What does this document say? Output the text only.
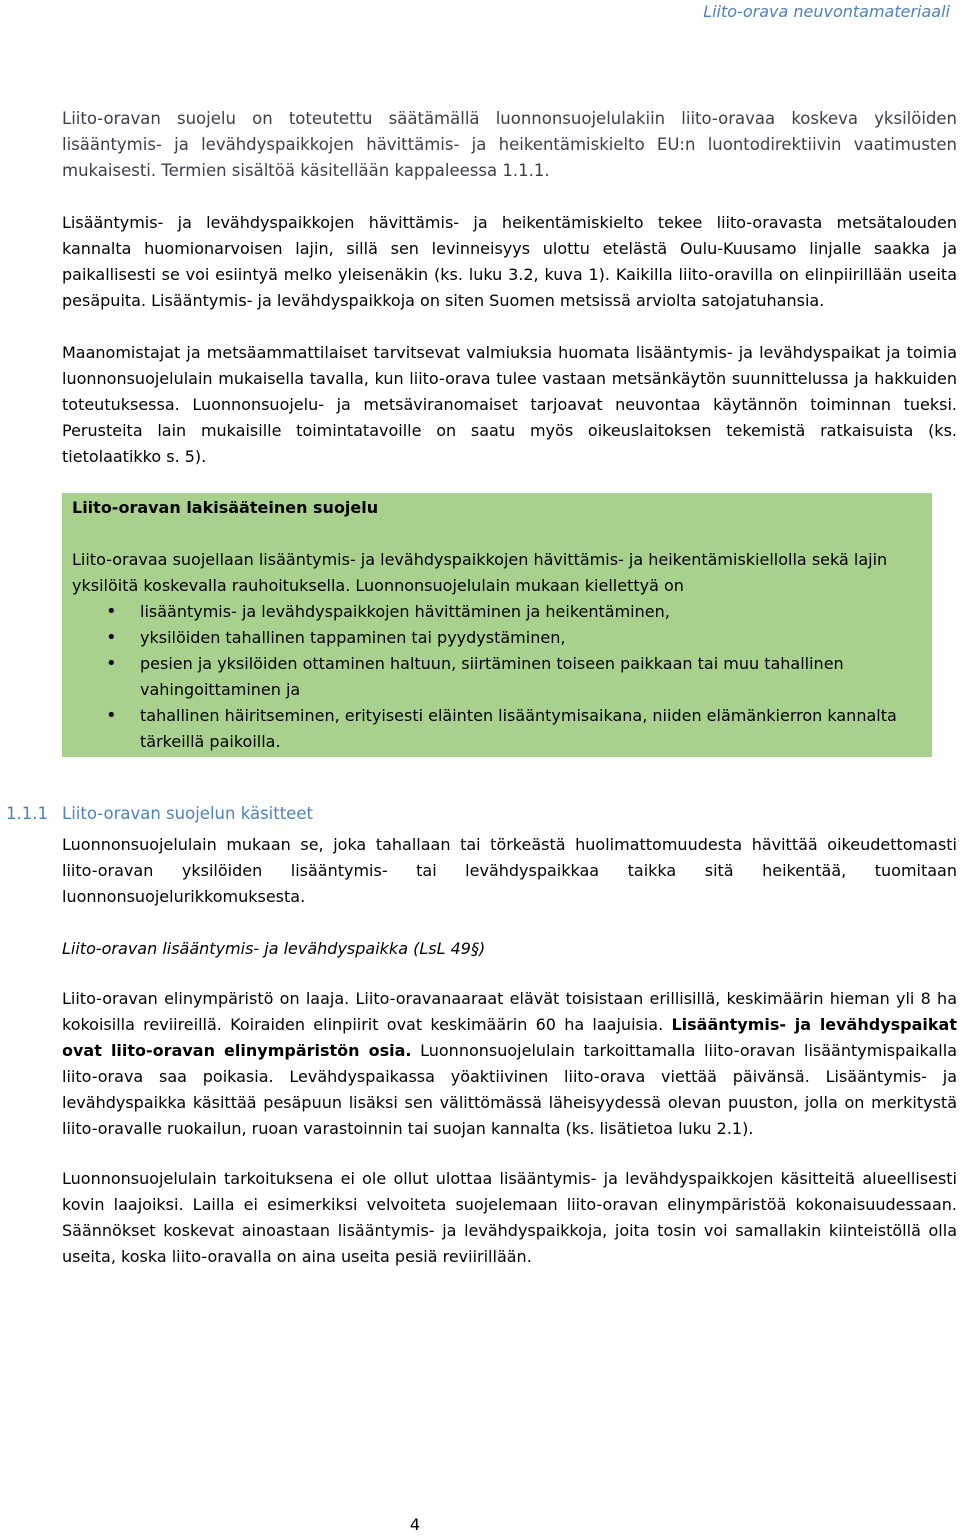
Liito-orava neuvontamateriaali

Liito-oravan suojelu on toteutettu säätämällä luonnonsuojelulakiin liito-oravaa koskeva yksilöiden lisääntymis- ja levähdyspaikkojen hävittämis- ja heikentämiskielto EU:n luontodirektiivin vaatimusten mukaisesti. Termien sisältöä käsitellään kappaleessa 1.1.1.

Lisääntymis- ja levähdyspaikkojen hävittämis- ja heikentämiskielto tekee liito-oravasta metsätalouden kannalta huomionarvoisen lajin, sillä sen levinneisyys ulottu etelästä Oulu-Kuusamo linjalle saakka ja paikallisesti se voi esiintyä melko yleisenäkin (ks. luku 3.2, kuva 1). Kaikilla liito-oravilla on elinpiirillään useita pesäpuita. Lisääntymis- ja levähdyspaikkoja on siten Suomen metsissä arviolta satojatuhansia.

Maanomistajat ja metsäammattilaiset tarvitsevat valmiuksia huomata lisääntymis- ja levähdyspaikat ja toimia luonnonsuojelulain mukaisella tavalla, kun liito-orava tulee vastaan metsänkäytön suunnittelussa ja hakkuiden toteutuksessa. Luonnonsuojelu- ja metsäviranomaiset tarjoavat neuvontaa käytännön toiminnan tueksi. Perusteita lain mukaisille toimintatavoille on saatu myös oikeuslaitoksen tekemistä ratkaisuista (ks. tietolaatikko s. 5).

Liito-oravan lakisääteinen suojelu

Liito-oravaa suojellaan lisääntymis- ja levähdyspaikkojen hävittämis- ja heikentämiskiellolla sekä lajin yksilöitä koskevalla rauhoituksella. Luonnonsuojelulain mukaan kiellettyä on

• lisääntymis- ja levähdyspaikkojen hävittäminen ja heikentäminen,
• yksilöiden tahallinen tappaminen tai pyydystäminen,
• pesien ja yksilöiden ottaminen haltuun, siirtäminen toiseen paikkaan tai muu tahallinen vahingoittaminen ja
• tahallinen häiritseminen, erityisesti eläinten lisääntymisaikana, niiden elämänkierron kannalta tärkeillä paikoilla.
1.1.1 Liito-oravan suojelun käsitteet

Luonnonsuojelulain mukaan se, joka tahallaan tai törkeästä huolimattomuudesta hävittää oikeudettomasti liito-oravan yksilöiden lisääntymis- tai levähdyspaikkaa taikka sitä heikentää, tuomitaan luonnonsuojelurikkomuksesta.

Liito-oravan lisääntymis- ja levähdyspaikka (LsL 49§)

Liito-oravan elinympäristö on laaja. Liito-oravanaaraat elävät toisistaan erillisillä, keskimäärin hieman yli 8 ha kokoisilla reviireillä. Koiraiden elinpiirit ovat keskimäärin 60 ha laajuisia. Lisääntymis- ja levähdyspaikat ovat liito-oravan elinympäristön osia. Luonnonsuojelulain tarkoittamalla liito-oravan lisääntymispaikalla liito-orava saa poikasia. Levähdyspaikassa yöaktiivinen liito-orava viettää päivänsä. Lisääntymis- ja levähdyspaikka käsittää pesäpuun lisäksi sen välittömässä läheisyydessä olevan puuston, jolla on merkitystä liito-oravalle ruokailun, ruoan varastoinnin tai suojan kannalta (ks. lisätietoa luku 2.1).

Luonnonsuojelulain tarkoituksena ei ole ollut ulottaa lisääntymis- ja levähdyspaikkojen käsitteitä alueellisesti kovin laajoiksi. Lailla ei esimerkiksi velvoiteta suojelemaan liito-oravan elinympäristöä kokonaisuudessaan. Säännökset koskevat ainoastaan lisääntymis- ja levähdyspaikkoja, joita tosin voi samallakin kiinteistöllä olla useita, koska liito-oravalla on aina useita pesiä reviirillään.

4
